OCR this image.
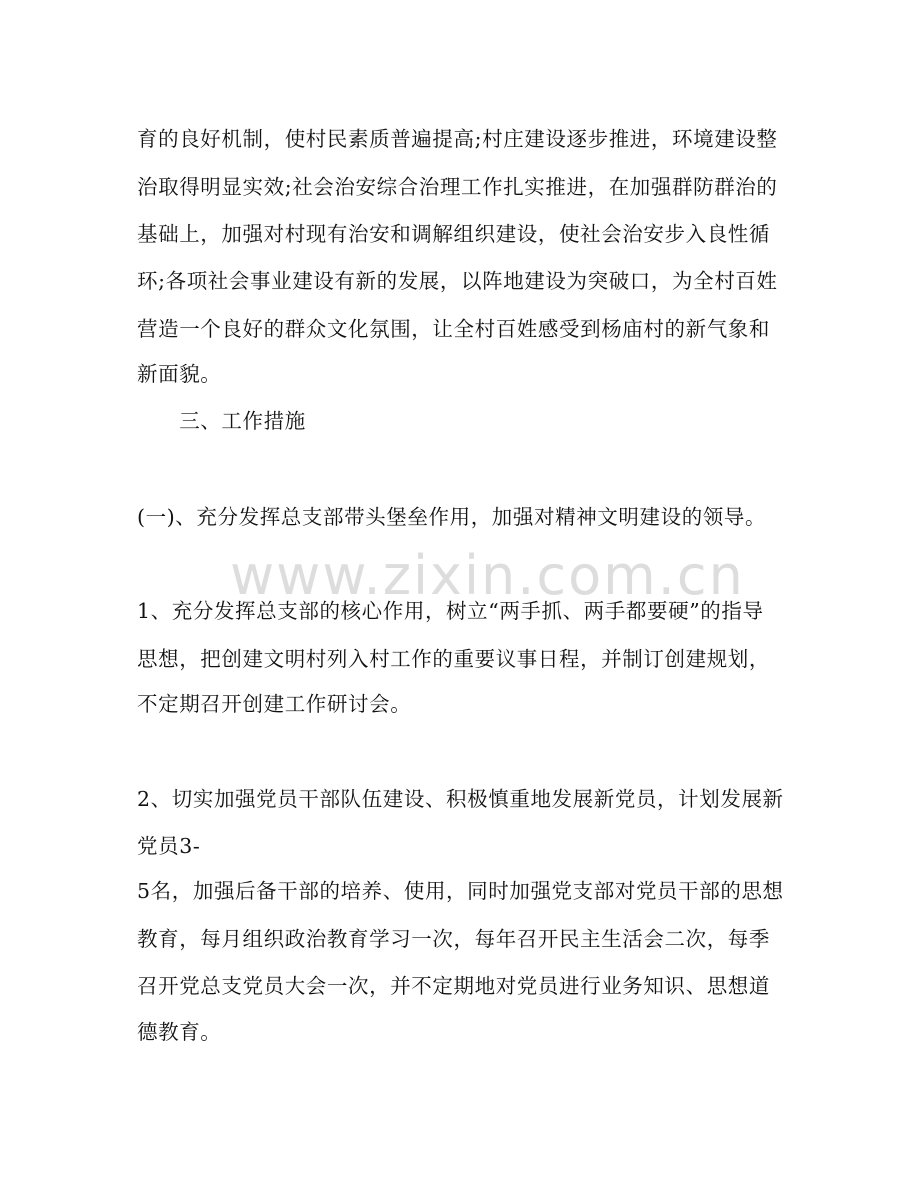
育的良好机制，使村民素质普遍提高;村庄建设逐步推进，环境建设整
治取得明显实效;社会治安综合治理工作扎实推进，在加强群防群治的
基础上，加强对村现有治安和调解组织建设，使社会治安步入良性循
环;各项社会事业建设有新的发展，以阵地建设为突破口，为全村百姓
营造一个良好的群众文化氛围，让全村百姓感受到杨庙村的新气象和
新面貌。
　　三、工作措施
(一)、充分发挥总支部带头堡垒作用，加强对精神文明建设的领导。
1、充分发挥总支部的核心作用，树立“两手抓、两手都要硬”的指导
思想，把创建文明村列入村工作的重要议事日程，并制订创建规划，
不定期召开创建工作研讨会。
2、切实加强党员干部队伍建设、积极慎重地发展新党员，计划发展新
党员3-
5名，加强后备干部的培养、使用，同时加强党支部对党员干部的思想
教育，每月组织政治教育学习一次，每年召开民主生活会二次，每季
召开党总支党员大会一次，并不定期地对党员进行业务知识、思想道
德教育。
www.zixin.com.cn
